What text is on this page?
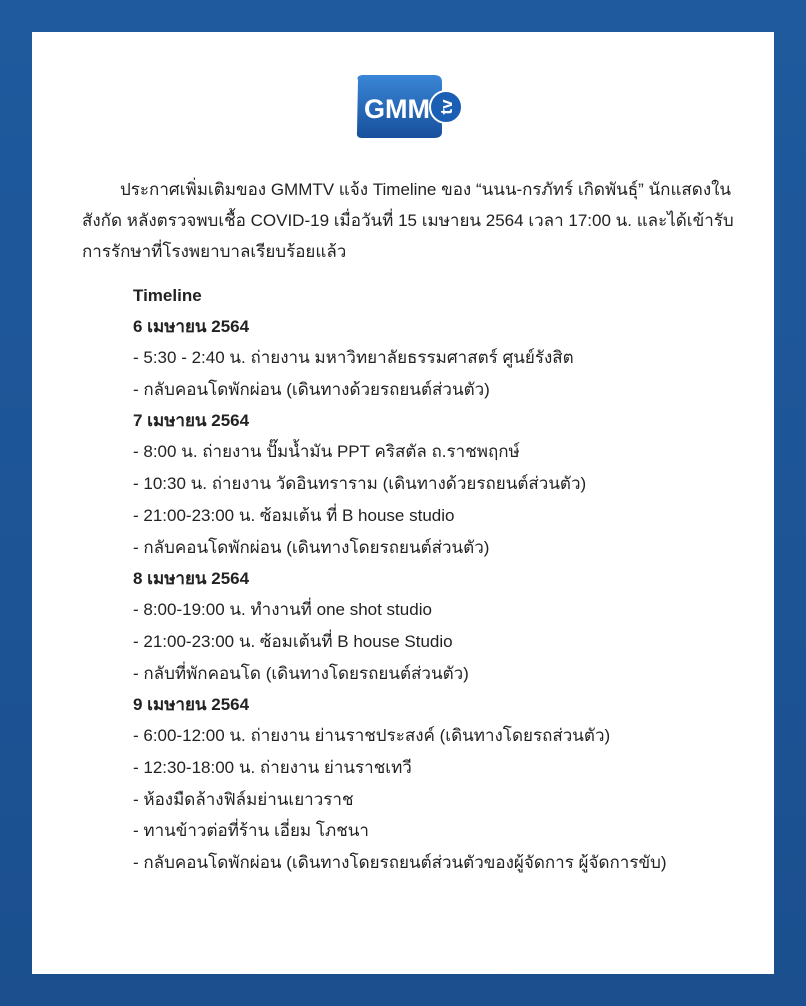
GMM tv

ประกาศเพิ่มเติมของ GMMTV แจ้ง Timeline ของ “นนน-กรภัทร์ เกิดพันธุ์” นักแสดงในสังกัด หลังตรวจพบเชื้อ COVID-19 เมื่อวันที่ 15 เมษายน 2564 เวลา 17:00 น. และได้เข้ารับการรักษาที่โรงพยาบาลเรียบร้อยแล้ว

Timeline

6 เมษายน 2564

- 5:30 - 2:40 น. ถ่ายงาน มหาวิทยาลัยธรรมศาสตร์ ศูนย์รังสิต

- กลับคอนโดพักผ่อน (เดินทางด้วยรถยนต์ส่วนตัว)

7 เมษายน 2564

- 8:00 น. ถ่ายงาน ปั๊มน้ำมัน PPT คริสตัล ถ.ราชพฤกษ์

- 10:30 น. ถ่ายงาน วัดอินทราราม (เดินทางด้วยรถยนต์ส่วนตัว)

- 21:00-23:00 น. ซ้อมเต้น ที่ B house studio

- กลับคอนโดพักผ่อน (เดินทางโดยรถยนต์ส่วนตัว)

8 เมษายน 2564

- 8:00-19:00 น. ทำงานที่ one shot studio

- 21:00-23:00 น. ซ้อมเต้นที่ B house Studio

- กลับที่พักคอนโด (เดินทางโดยรถยนต์ส่วนตัว)

9 เมษายน 2564

- 6:00-12:00 น. ถ่ายงาน ย่านราชประสงค์ (เดินทางโดยรถส่วนตัว)

- 12:30-18:00 น. ถ่ายงาน ย่านราชเทวี

- ห้องมืดล้างฟิล์มย่านเยาวราช

- ทานข้าวต่อที่ร้าน เอี่ยม โภชนา

- กลับคอนโดพักผ่อน (เดินทางโดยรถยนต์ส่วนตัวของผู้จัดการ ผู้จัดการขับ)
